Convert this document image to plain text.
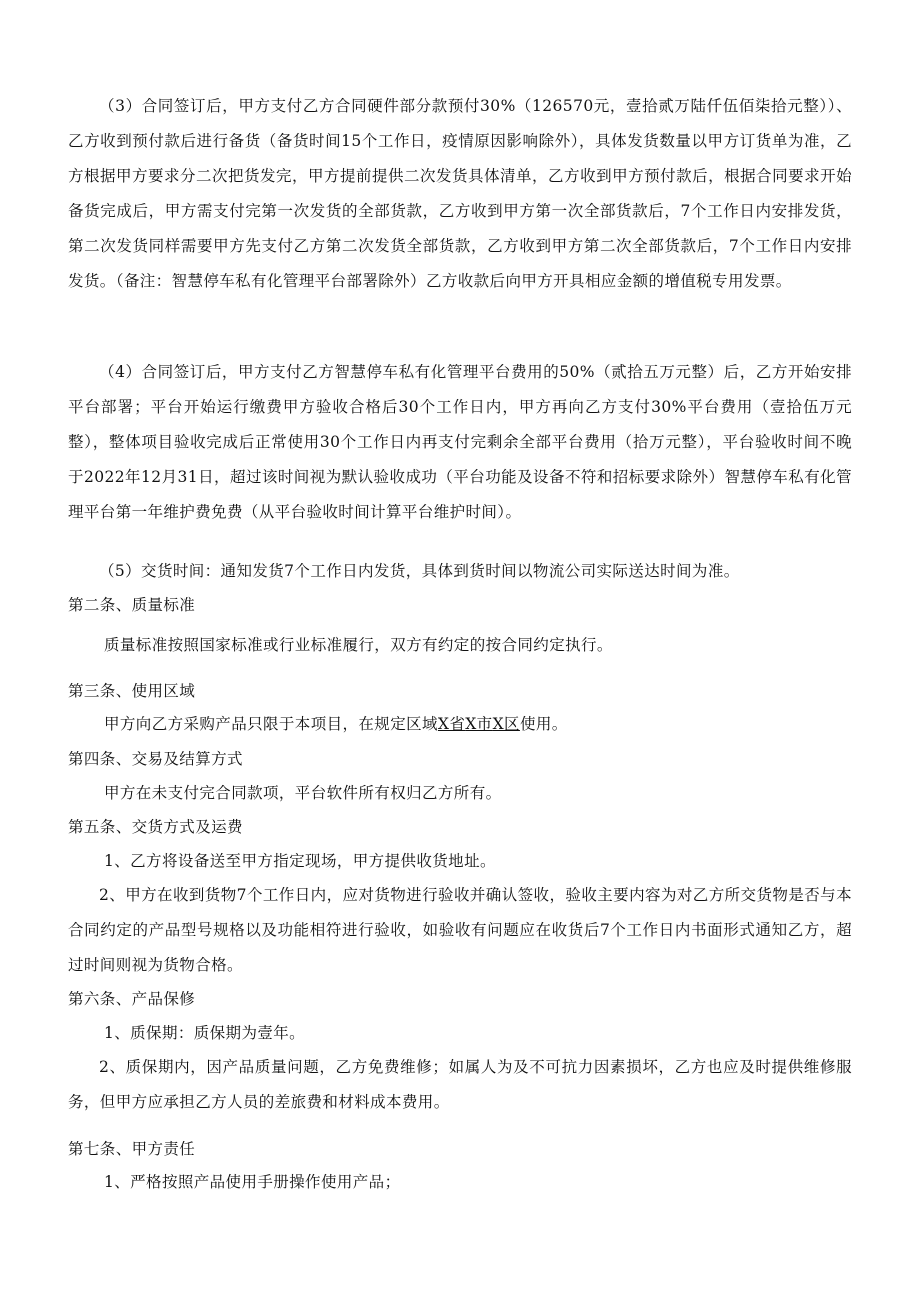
（3）合同签订后，甲方支付乙方合同硬件部分款预付30%（126570元，壹拾贰万陆仟伍佰柒拾元整））、乙方收到预付款后进行备货（备货时间15个工作日，疫情原因影响除外），具体发货数量以甲方订货单为准，乙方根据甲方要求分二次把货发完，甲方提前提供二次发货具体清单，乙方收到甲方预付款后，根据合同要求开始备货完成后，甲方需支付完第一次发货的全部货款，乙方收到甲方第一次全部货款后，7个工作日内安排发货，第二次发货同样需要甲方先支付乙方第二次发货全部货款，乙方收到甲方第二次全部货款后，7个工作日内安排发货。（备注：智慧停车私有化管理平台部署除外）乙方收款后向甲方开具相应金额的增值税专用发票。

（4）合同签订后，甲方支付乙方智慧停车私有化管理平台费用的50%（贰拾五万元整）后，乙方开始安排平台部署；平台开始运行缴费甲方验收合格后30个工作日内，甲方再向乙方支付30%平台费用（壹拾伍万元整），整体项目验收完成后正常使用30个工作日内再支付完剩余全部平台费用（拾万元整），平台验收时间不晚于2022年12月31日，超过该时间视为默认验收成功（平台功能及设备不符和招标要求除外）智慧停车私有化管理平台第一年维护费免费（从平台验收时间计算平台维护时间）。

（5）交货时间：通知发货7个工作日内发货，具体到货时间以物流公司实际送达时间为准。

第二条、质量标准

质量标准按照国家标准或行业标准履行，双方有约定的按合同约定执行。

第三条、使用区域

甲方向乙方采购产品只限于本项目，在规定区域X省X市X区使用。

第四条、交易及结算方式

甲方在未支付完合同款项，平台软件所有权归乙方所有。

第五条、交货方式及运费

1、乙方将设备送至甲方指定现场，甲方提供收货地址。

2、甲方在收到货物7个工作日内，应对货物进行验收并确认签收，验收主要内容为对乙方所交货物是否与本合同约定的产品型号规格以及功能相符进行验收，如验收有问题应在收货后7个工作日内书面形式通知乙方，超过时间则视为货物合格。

第六条、产品保修

1、质保期：质保期为壹年。

2、质保期内，因产品质量问题，乙方免费维修；如属人为及不可抗力因素损坏，乙方也应及时提供维修服务，但甲方应承担乙方人员的差旅费和材料成本费用。

第七条、甲方责任

1、严格按照产品使用手册操作使用产品；
